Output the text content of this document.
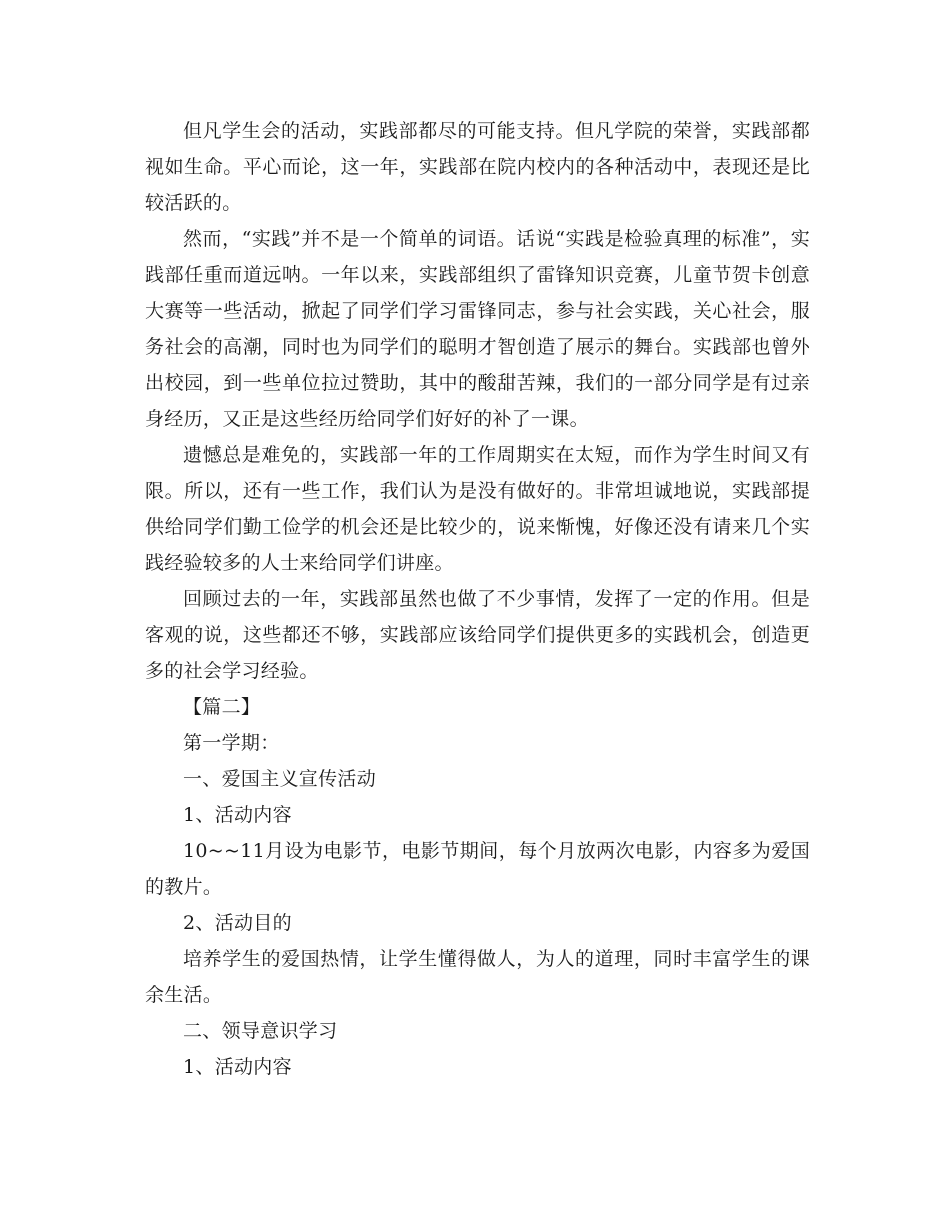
但凡学生会的活动，实践部都尽的可能支持。但凡学院的荣誉，实践部都视如生命。平心而论，这一年，实践部在院内校内的各种活动中，表现还是比较活跃的。

然而，“实践”并不是一个简单的词语。话说“实践是检验真理的标准”，实践部任重而道远呐。一年以来，实践部组织了雷锋知识竞赛，儿童节贺卡创意大赛等一些活动，掀起了同学们学习雷锋同志，参与社会实践，关心社会，服务社会的高潮，同时也为同学们的聪明才智创造了展示的舞台。实践部也曾外出校园，到一些单位拉过赞助，其中的酸甜苦辣，我们的一部分同学是有过亲身经历，又正是这些经历给同学们好好的补了一课。

遗憾总是难免的，实践部一年的工作周期实在太短，而作为学生时间又有限。所以，还有一些工作，我们认为是没有做好的。非常坦诚地说，实践部提供给同学们勤工俭学的机会还是比较少的，说来惭愧，好像还没有请来几个实践经验较多的人士来给同学们讲座。

回顾过去的一年，实践部虽然也做了不少事情，发挥了一定的作用。但是客观的说，这些都还不够，实践部应该给同学们提供更多的实践机会，创造更多的社会学习经验。

【篇二】

第一学期：

一、爱国主义宣传活动

1、活动内容

10~~11月设为电影节，电影节期间，每个月放两次电影，内容多为爱国的教片。

2、活动目的

培养学生的爱国热情，让学生懂得做人，为人的道理，同时丰富学生的课余生活。

二、领导意识学习

1、活动内容
